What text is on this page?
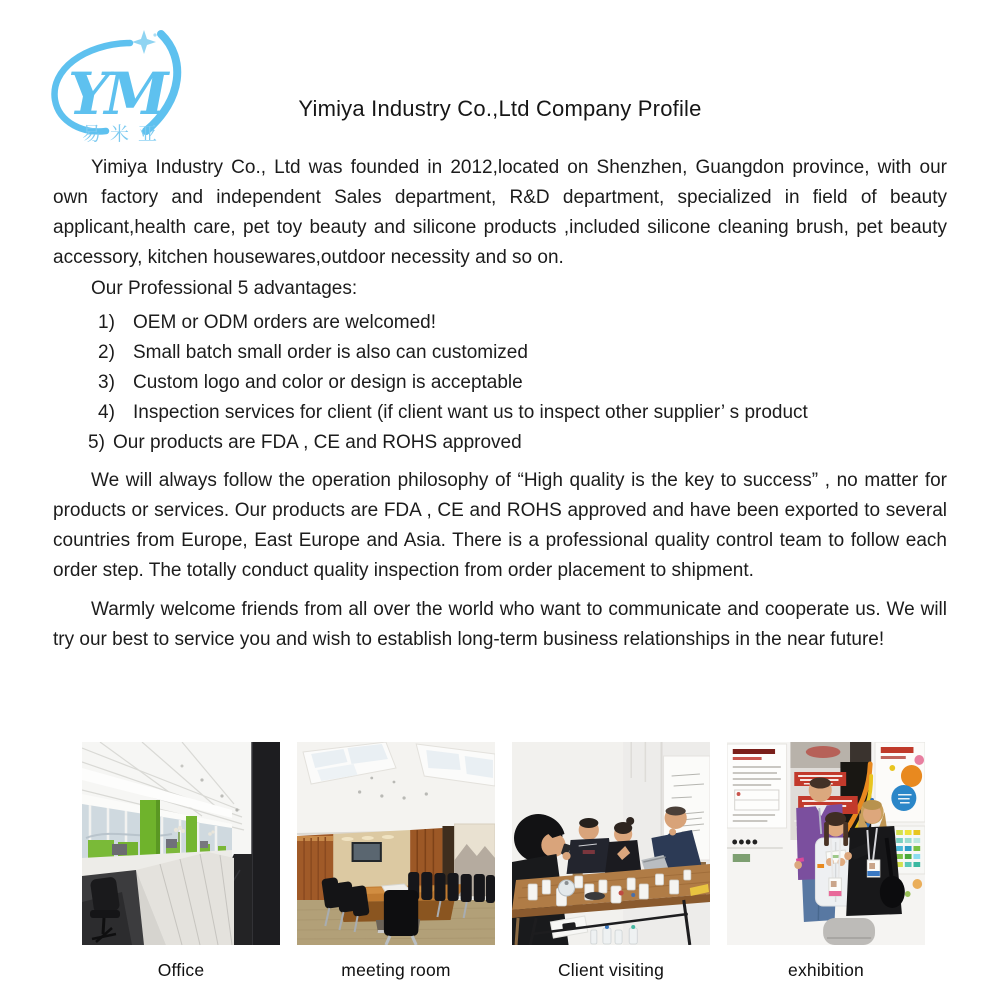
YM
易米亚
Yimiya Industry Co.,Ltd Company Profile

Yimiya Industry Co., Ltd was founded in 2012,located on Shenzhen, Guangdon province, with our own factory and independent Sales department, R&D department, specialized in field of beauty applicant,health care, pet toy beauty and silicone products ,included silicone cleaning brush, pet beauty accessory, kitchen housewares,outdoor necessity and so on.

Our Professional 5 advantages:

1) OEM or ODM orders are welcomed!
2) Small batch small order is also can customized
3) Custom logo and color or design is acceptable
4) Inspection services for client (if client want us to inspect other supplier’ s product
5) Our products are FDA , CE and ROHS approved

We will always follow the operation philosophy of “High quality is the key to success” , no matter for products or services. Our products are FDA , CE and ROHS approved and have been exported to several countries from Europe, East Europe and Asia. There is a professional quality control team to follow each order step. The totally conduct quality inspection from order placement to shipment.

Warmly welcome friends from all over the world who want to communicate and cooperate us. We will try our best to service you and wish to establish long-term business relationships in the near future!

Office	meeting room	Client visiting	exhibition
